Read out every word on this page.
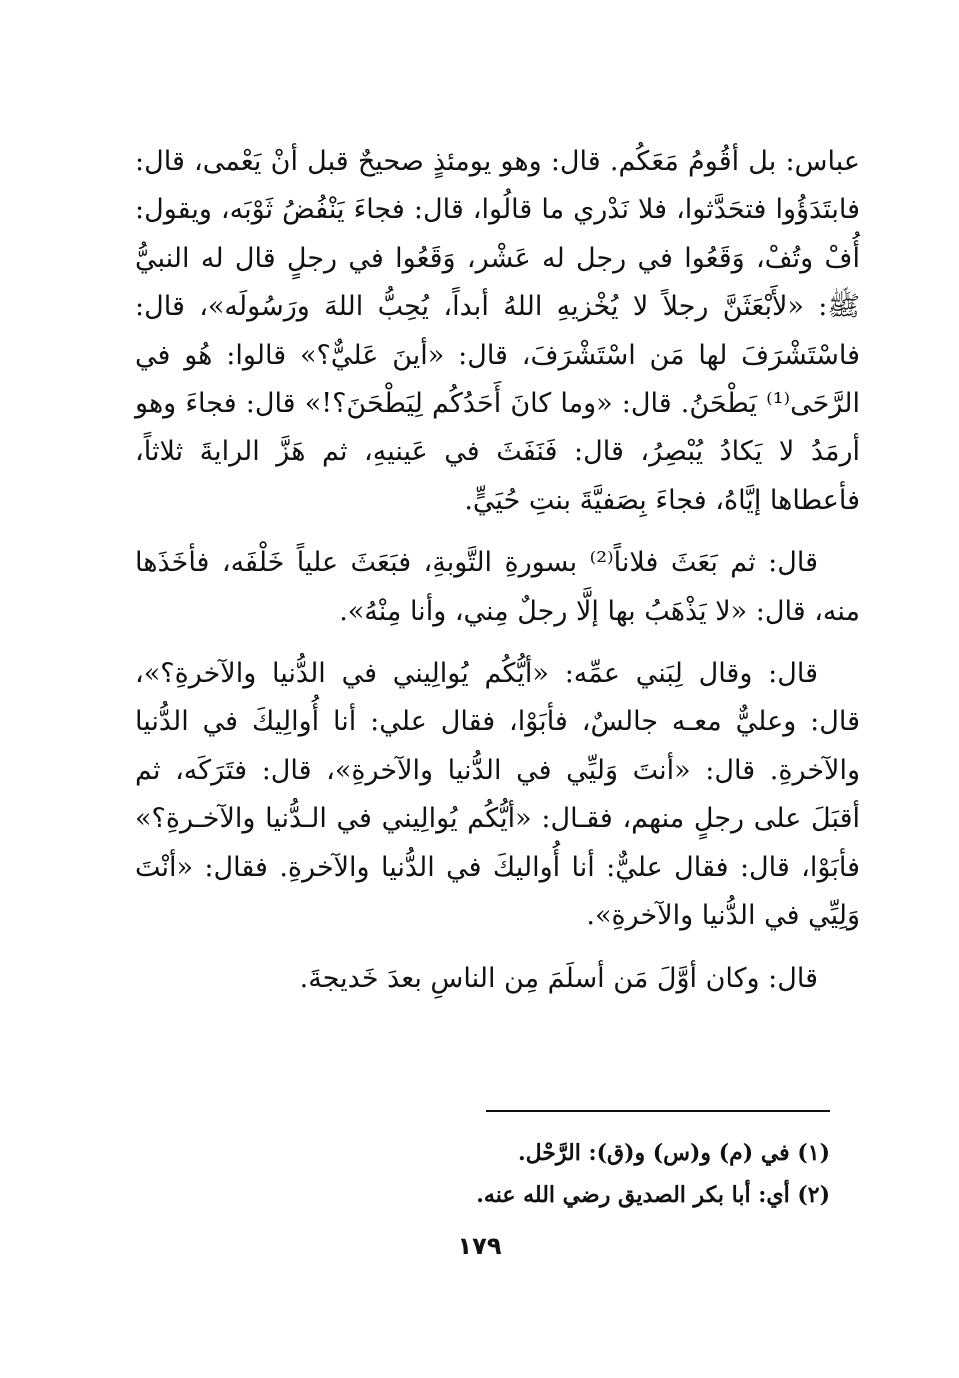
عباس: بل أقُومُ مَعَكُم. قال: وهو يومئذٍ صحيحٌ قبل أنْ يَعْمى، قال: فابتَدَؤُوا فتحَدَّثوا، فلا نَدْري ما قالُوا، قال: فجاءَ يَنْفُضُ ثَوْبَه، ويقول: أُفْ وتُفْ، وَقَعُوا في رجل له عَشْر، وَقَعُوا في رجلٍ قال له النبيُّ ﷺ: «لأَبْعَثَنَّ رجلاً لا يُخْزيهِ اللهُ أبداً، يُحِبُّ اللهَ ورَسُولَه»، قال: فاسْتَشْرَفَ لها مَن اسْتَشْرَفَ، قال: «أينَ عَليٌّ؟» قالوا: هُو في الرَّحَى⁽¹⁾ يَطْحَنُ. قال: «وما كانَ أَحَدُكُم لِيَطْحَنَ؟!» قال: فجاءَ وهو أرمَدُ لا يَكادُ يُبْصِرُ، قال: فَنَفَثَ في عَينيهِ، ثم هَزَّ الرايةَ ثلاثاً، فأعطاها إيَّاهُ، فجاءَ بِصَفيَّةَ بنتِ حُيَيٍّ.

قال: ثم بَعَثَ فلاناً⁽²⁾ بسورةِ التَّوبةِ، فبَعَثَ علياً خَلْفَه، فأخَذَها منه، قال: «لا يَذْهَبُ بها إلَّا رجلٌ مِني، وأنا مِنْهُ».

قال: وقال لِبَني عمِّه: «أيُّكُم يُوالِيني في الدُّنيا والآخرةِ؟»، قال: وعليٌّ معـه جالسٌ، فأبَوْا، فقال علي: أنا أُوالِيكَ في الدُّنيا والآخرةِ. قال: «أنتَ وَليِّي في الدُّنيا والآخرةِ»، قال: فتَرَكَه، ثم أقبَلَ على رجلٍ منهم، فقـال: «أيُّكُم يُوالِيني في الـدُّنيا والآخـرةِ؟» فأبَوْا، قال: فقال عليٌّ: أنا أُواليكَ في الدُّنيا والآخرةِ. فقال: «أنْتَ وَلِيِّي في الدُّنيا والآخرةِ».

قال: وكان أوَّلَ مَن أسلَمَ مِن الناسِ بعدَ خَديجةَ.

(١) في (م) و(س) و(ق): الرَّحْل.

(٢) أي: أبا بكر الصديق رضي الله عنه.

١٧٩
